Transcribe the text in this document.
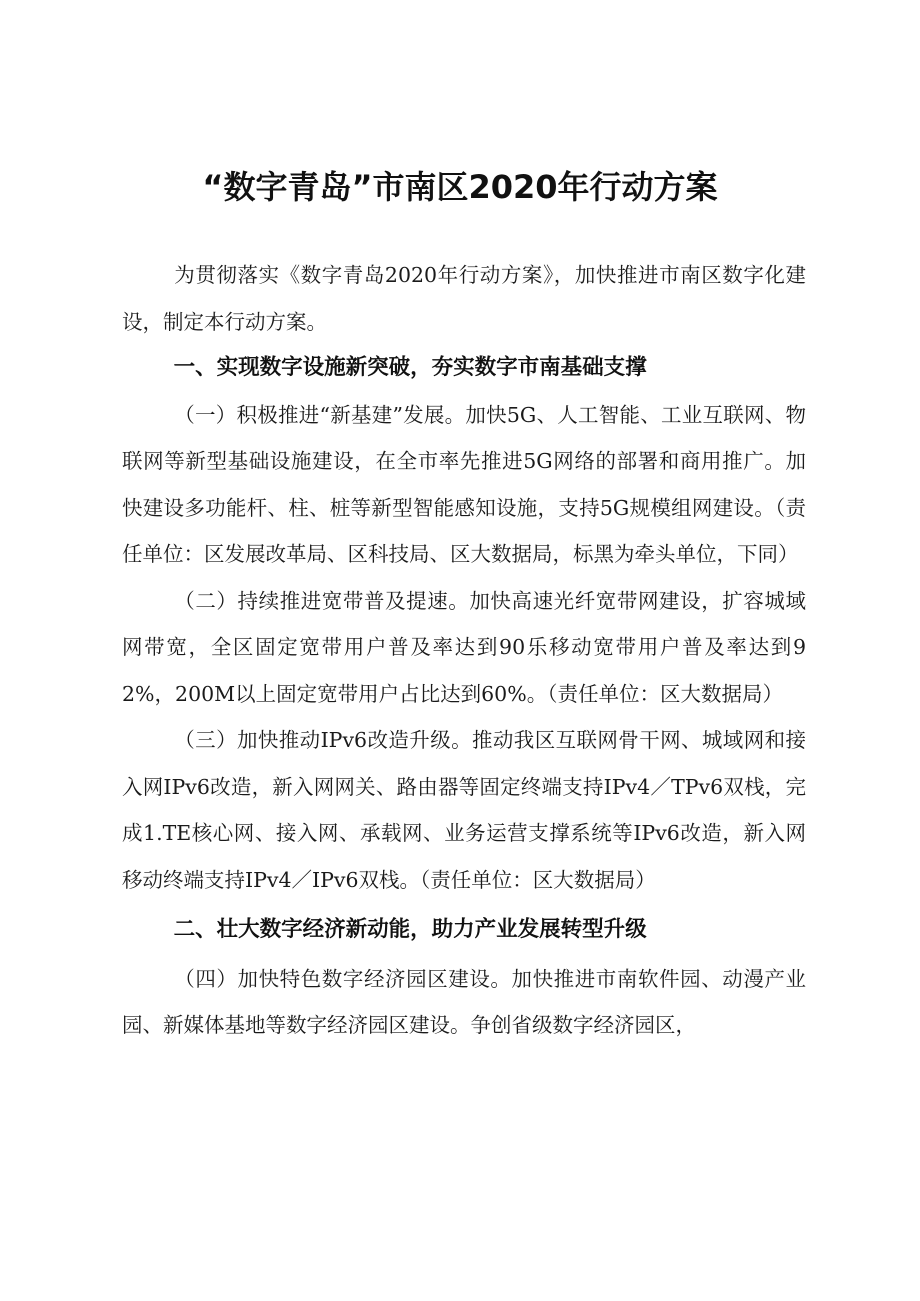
“数字青岛”市南区2020年行动方案

为贯彻落实《数字青岛2020年行动方案》，加快推进市南区数字化建设，制定本行动方案。

一、实现数字设施新突破，夯实数字市南基础支撑

（一）积极推进“新基建”发展。加快5G、人工智能、工业互联网、物联网等新型基础设施建设，在全市率先推进5G网络的部署和商用推广。加快建设多功能杆、柱、桩等新型智能感知设施，支持5G规模组网建设。（责任单位：区发展改革局、区科技局、区大数据局，标黑为牵头单位，下同）

（二）持续推进宽带普及提速。加快高速光纤宽带网建设，扩容城域网带宽，全区固定宽带用户普及率达到90乐移动宽带用户普及率达到92%，200M以上固定宽带用户占比达到60%。（责任单位：区大数据局）

（三）加快推动IPv6改造升级。推动我区互联网骨干网、城域网和接入网IPv6改造，新入网网关、路由器等固定终端支持IPv4／TPv6双栈，完成1.TE核心网、接入网、承载网、业务运营支撑系统等IPv6改造，新入网移动终端支持IPv4／IPv6双栈。（责任单位：区大数据局）

二、壮大数字经济新动能，助力产业发展转型升级

（四）加快特色数字经济园区建设。加快推进市南软件园、动漫产业园、新媒体基地等数字经济园区建设。争创省级数字经济园区，
